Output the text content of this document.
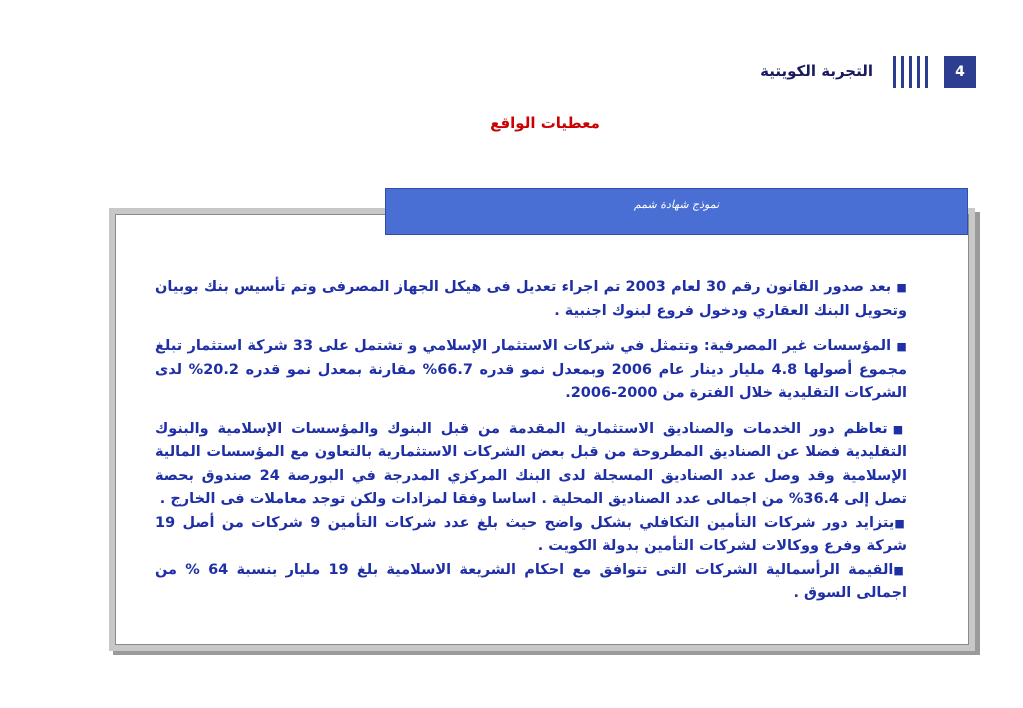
التجربة الكويتية	4
معطيات الواقع
نموذج شهادة شمم

■ بعد صدور القانون رقم 30 لعام 2003 تم اجراء تعديل فى هيكل الجهاز المصرفى وتم تأسيس بنك بوبيان وتحويل البنك العقاري ودخول فروع لبنوك اجنبية .

■ المؤسسات غير المصرفية: وتتمثل في شركات الاستثمار الإسلامي و تشتمل على 33 شركة استثمار تبلغ مجموع أصولها 4.8 مليار دينار عام 2006 وبمعدل نمو قدره 66.7% مقارنة بمعدل نمو قدره 20.2% لدى الشركات التقليدية خلال الفترة من 2000-2006.

■ تعاظم دور الخدمات والصناديق الاستثمارية المقدمة من قبل البنوك والمؤسسات الإسلامية والبنوك التقليدية فضلا عن الصناديق المطروحة من قبل بعض الشركات الاستثمارية بالتعاون مع المؤسسات المالية الإسلامية وقد وصل عدد الصناديق المسجلة لدى البنك المركزي المدرجة في البورصة 24 صندوق بحصة تصل إلى 36.4% من اجمالى عدد الصناديق المحلية . اساسا وفقا لمزادات ولكن توجد معاملات فى الخارج .

■يتزايد دور شركات التأمين التكافلي بشكل واضح حيث بلغ عدد شركات التأمين 9 شركات من أصل 19 شركة وفرع ووكالات لشركات التأمين بدولة الكويت .

■القيمة الرأسمالية الشركات التى تتوافق مع احكام الشريعة الاسلامية بلغ 19 مليار بنسبة 64 % من اجمالى السوق .
